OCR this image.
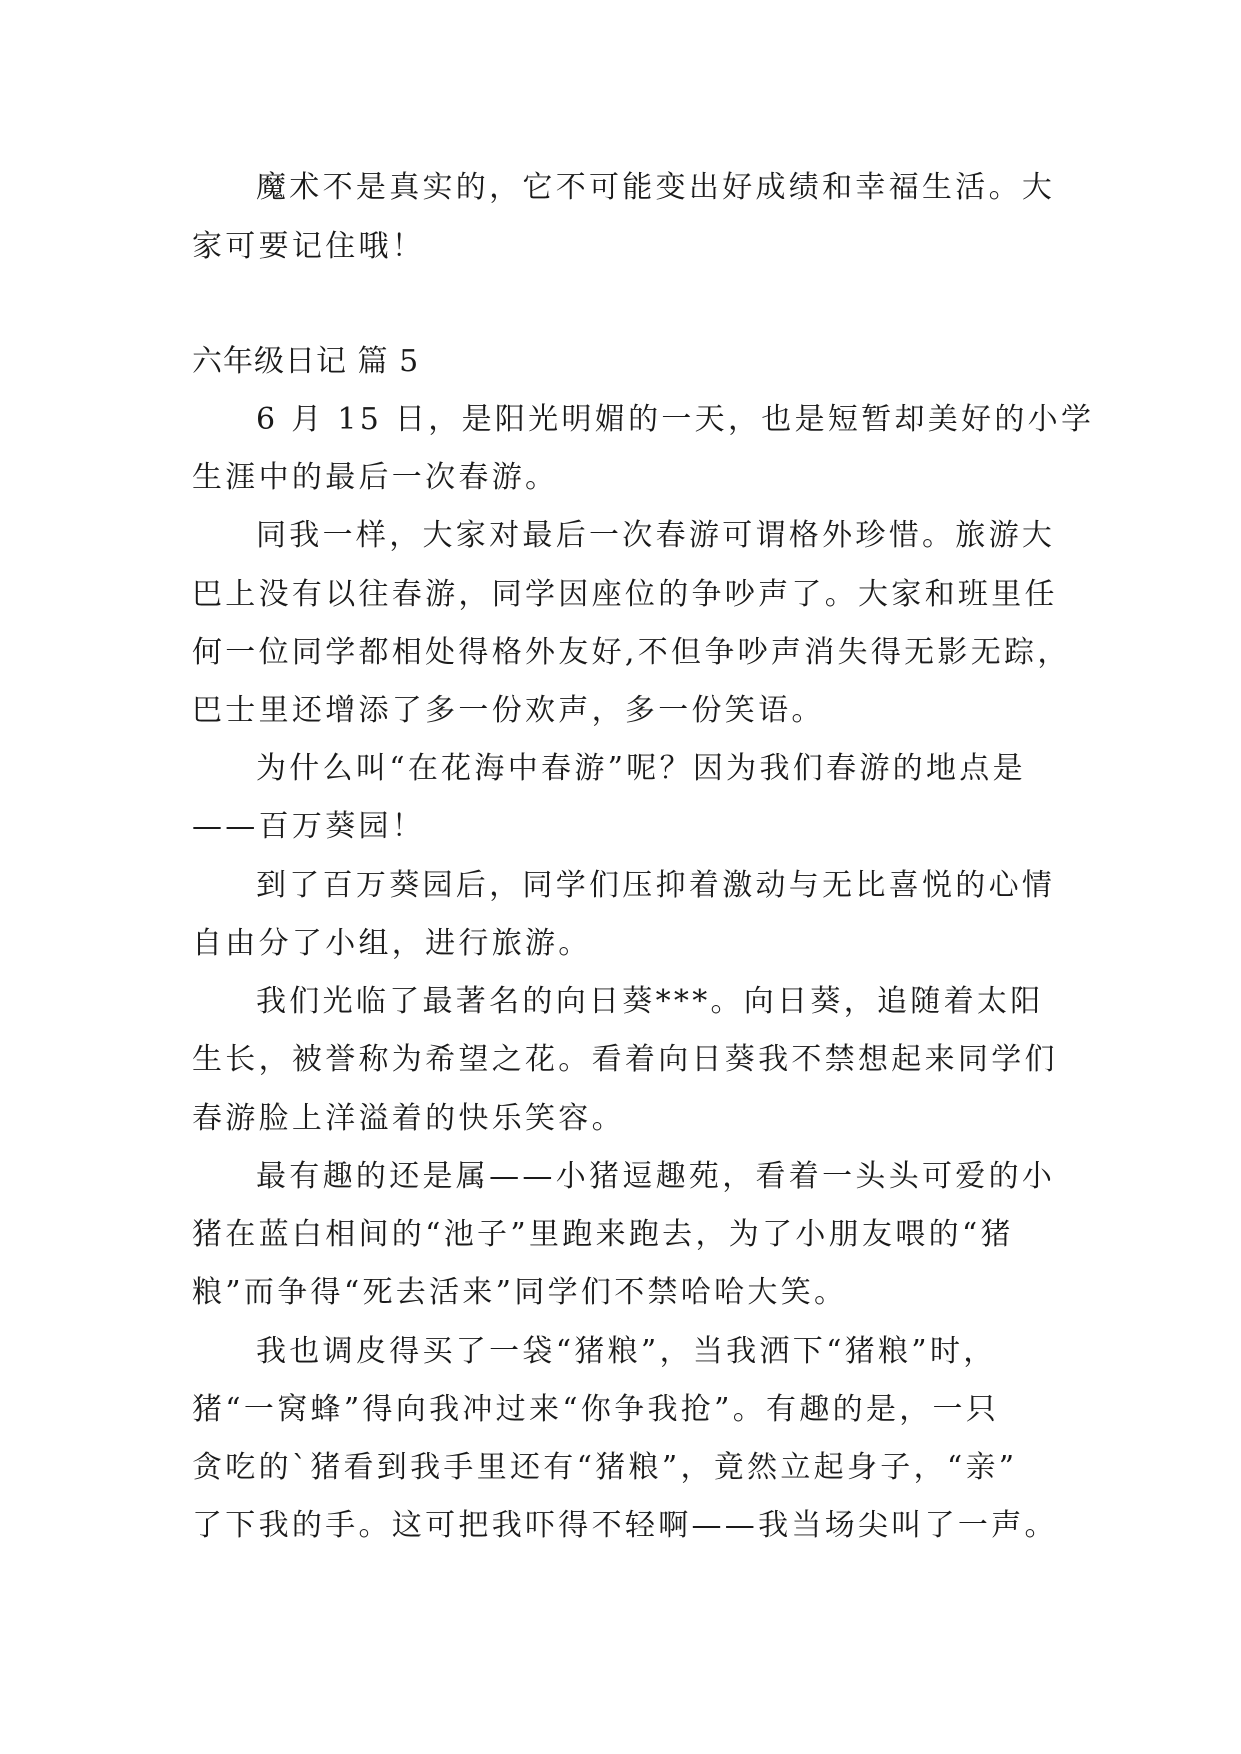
魔术不是真实的，它不可能变出好成绩和幸福生活。大
家可要记住哦！
六年级日记 篇 5
6 月 15 日，是阳光明媚的一天，也是短暂却美好的小学
生涯中的最后一次春游。
同我一样，大家对最后一次春游可谓格外珍惜。旅游大
巴上没有以往春游，同学因座位的争吵声了。大家和班里任
何一位同学都相处得格外友好,不但争吵声消失得无影无踪，
巴士里还增添了多一份欢声，多一份笑语。
为什么叫“在花海中春游”呢？因为我们春游的地点是
——百万葵园！
到了百万葵园后，同学们压抑着激动与无比喜悦的心情
自由分了小组，进行旅游。
我们光临了最著名的向日葵***。向日葵，追随着太阳
生长，被誉称为希望之花。看着向日葵我不禁想起来同学们
春游脸上洋溢着的快乐笑容。
最有趣的还是属——小猪逗趣苑，看着一头头可爱的小
猪在蓝白相间的“池子”里跑来跑去，为了小朋友喂的“猪
粮”而争得“死去活来”同学们不禁哈哈大笑。
我也调皮得买了一袋“猪粮”，当我洒下“猪粮”时，
猪“一窝蜂”得向我冲过来“你争我抢”。有趣的是，一只
贪吃的`猪看到我手里还有“猪粮”，竟然立起身子，“亲”
了下我的手。这可把我吓得不轻啊——我当场尖叫了一声。
